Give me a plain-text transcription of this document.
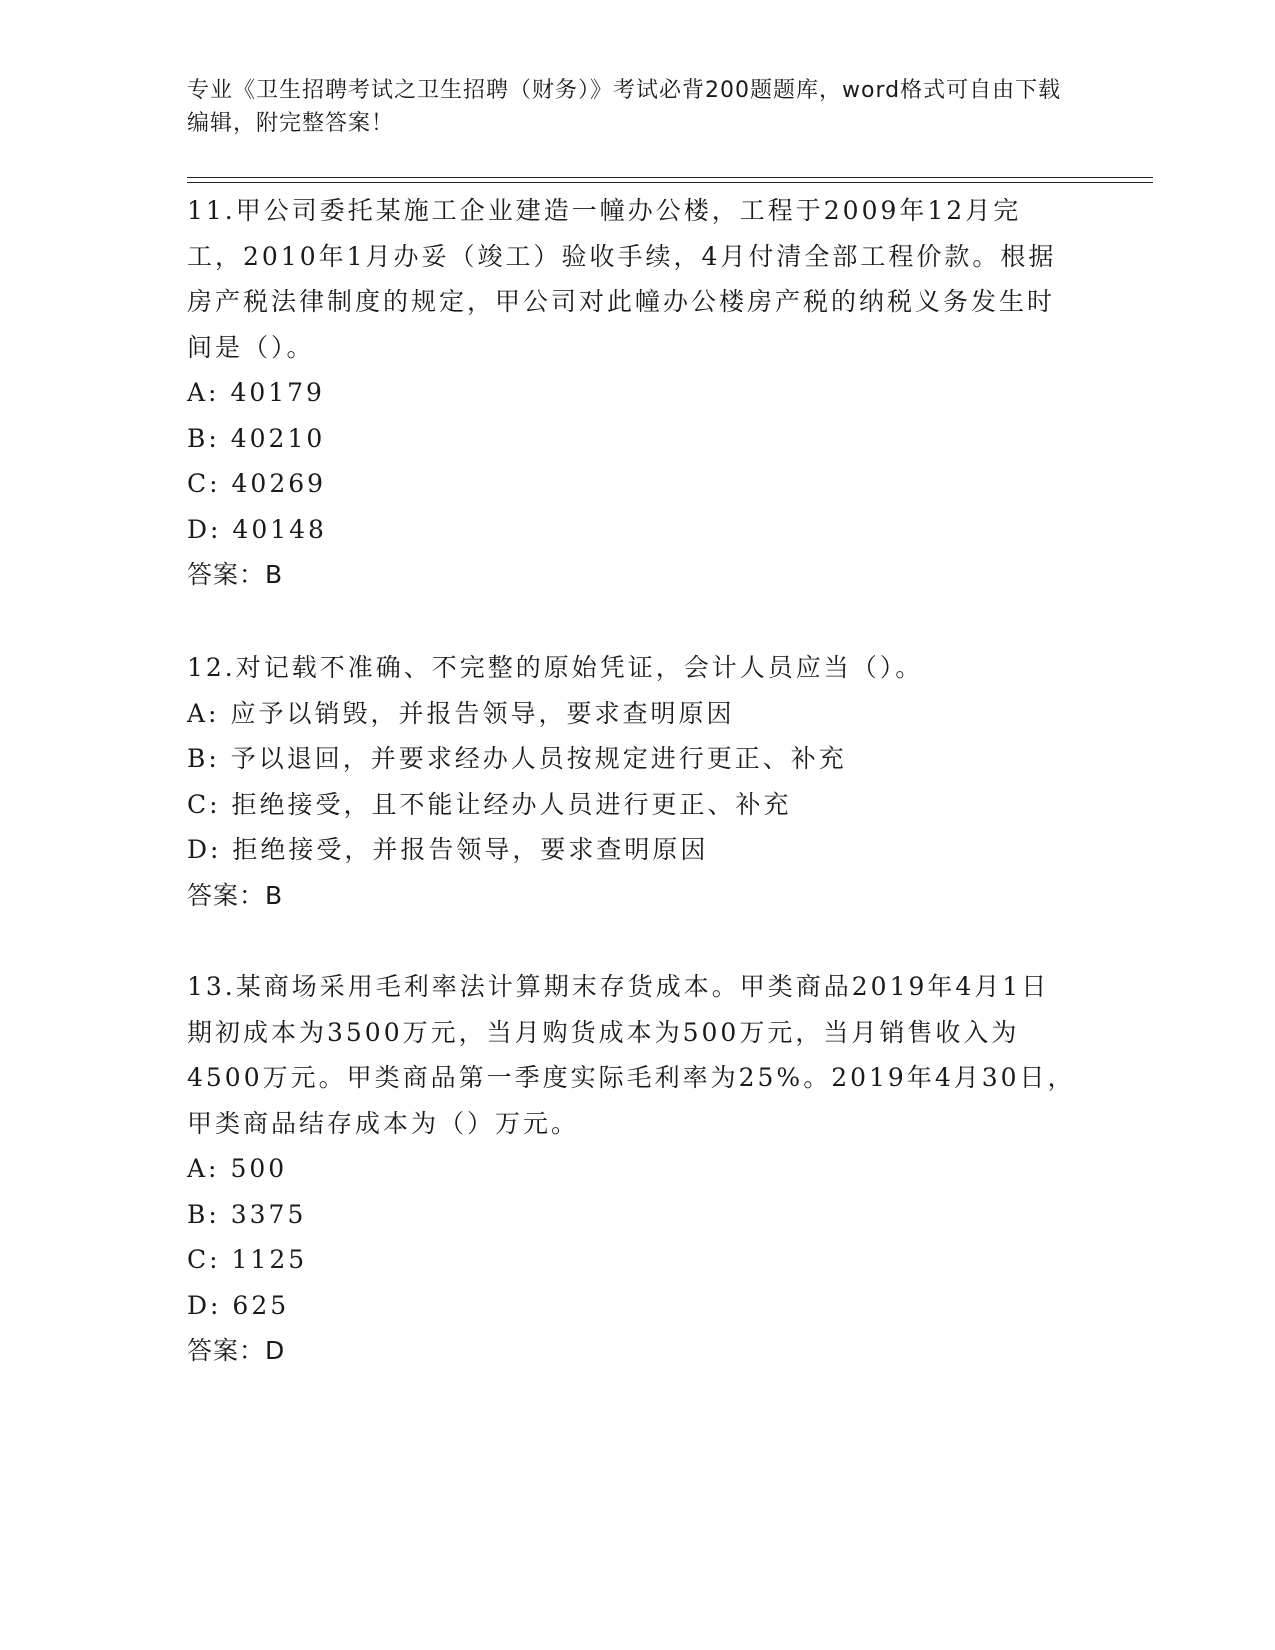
专业《卫生招聘考试之卫生招聘（财务）》考试必背200题题库，word格式可自由下载编辑，附完整答案！

11.甲公司委托某施工企业建造一幢办公楼，工程于2009年12月完工，2010年1月办妥（竣工）验收手续，4月付清全部工程价款。根据房产税法律制度的规定，甲公司对此幢办公楼房产税的纳税义务发生时间是（）。

A: 40179
B: 40210
C: 40269
D: 40148
答案：B

12.对记载不准确、不完整的原始凭证，会计人员应当（）。

A: 应予以销毁，并报告领导，要求查明原因
B: 予以退回，并要求经办人员按规定进行更正、补充
C: 拒绝接受，且不能让经办人员进行更正、补充
D: 拒绝接受，并报告领导，要求查明原因
答案：B

13.某商场采用毛利率法计算期末存货成本。甲类商品2019年4月1日期初成本为3500万元，当月购货成本为500万元，当月销售收入为4500万元。甲类商品第一季度实际毛利率为25%。2019年4月30日，甲类商品结存成本为（）万元。

A: 500
B: 3375
C: 1125
D: 625
答案：D
